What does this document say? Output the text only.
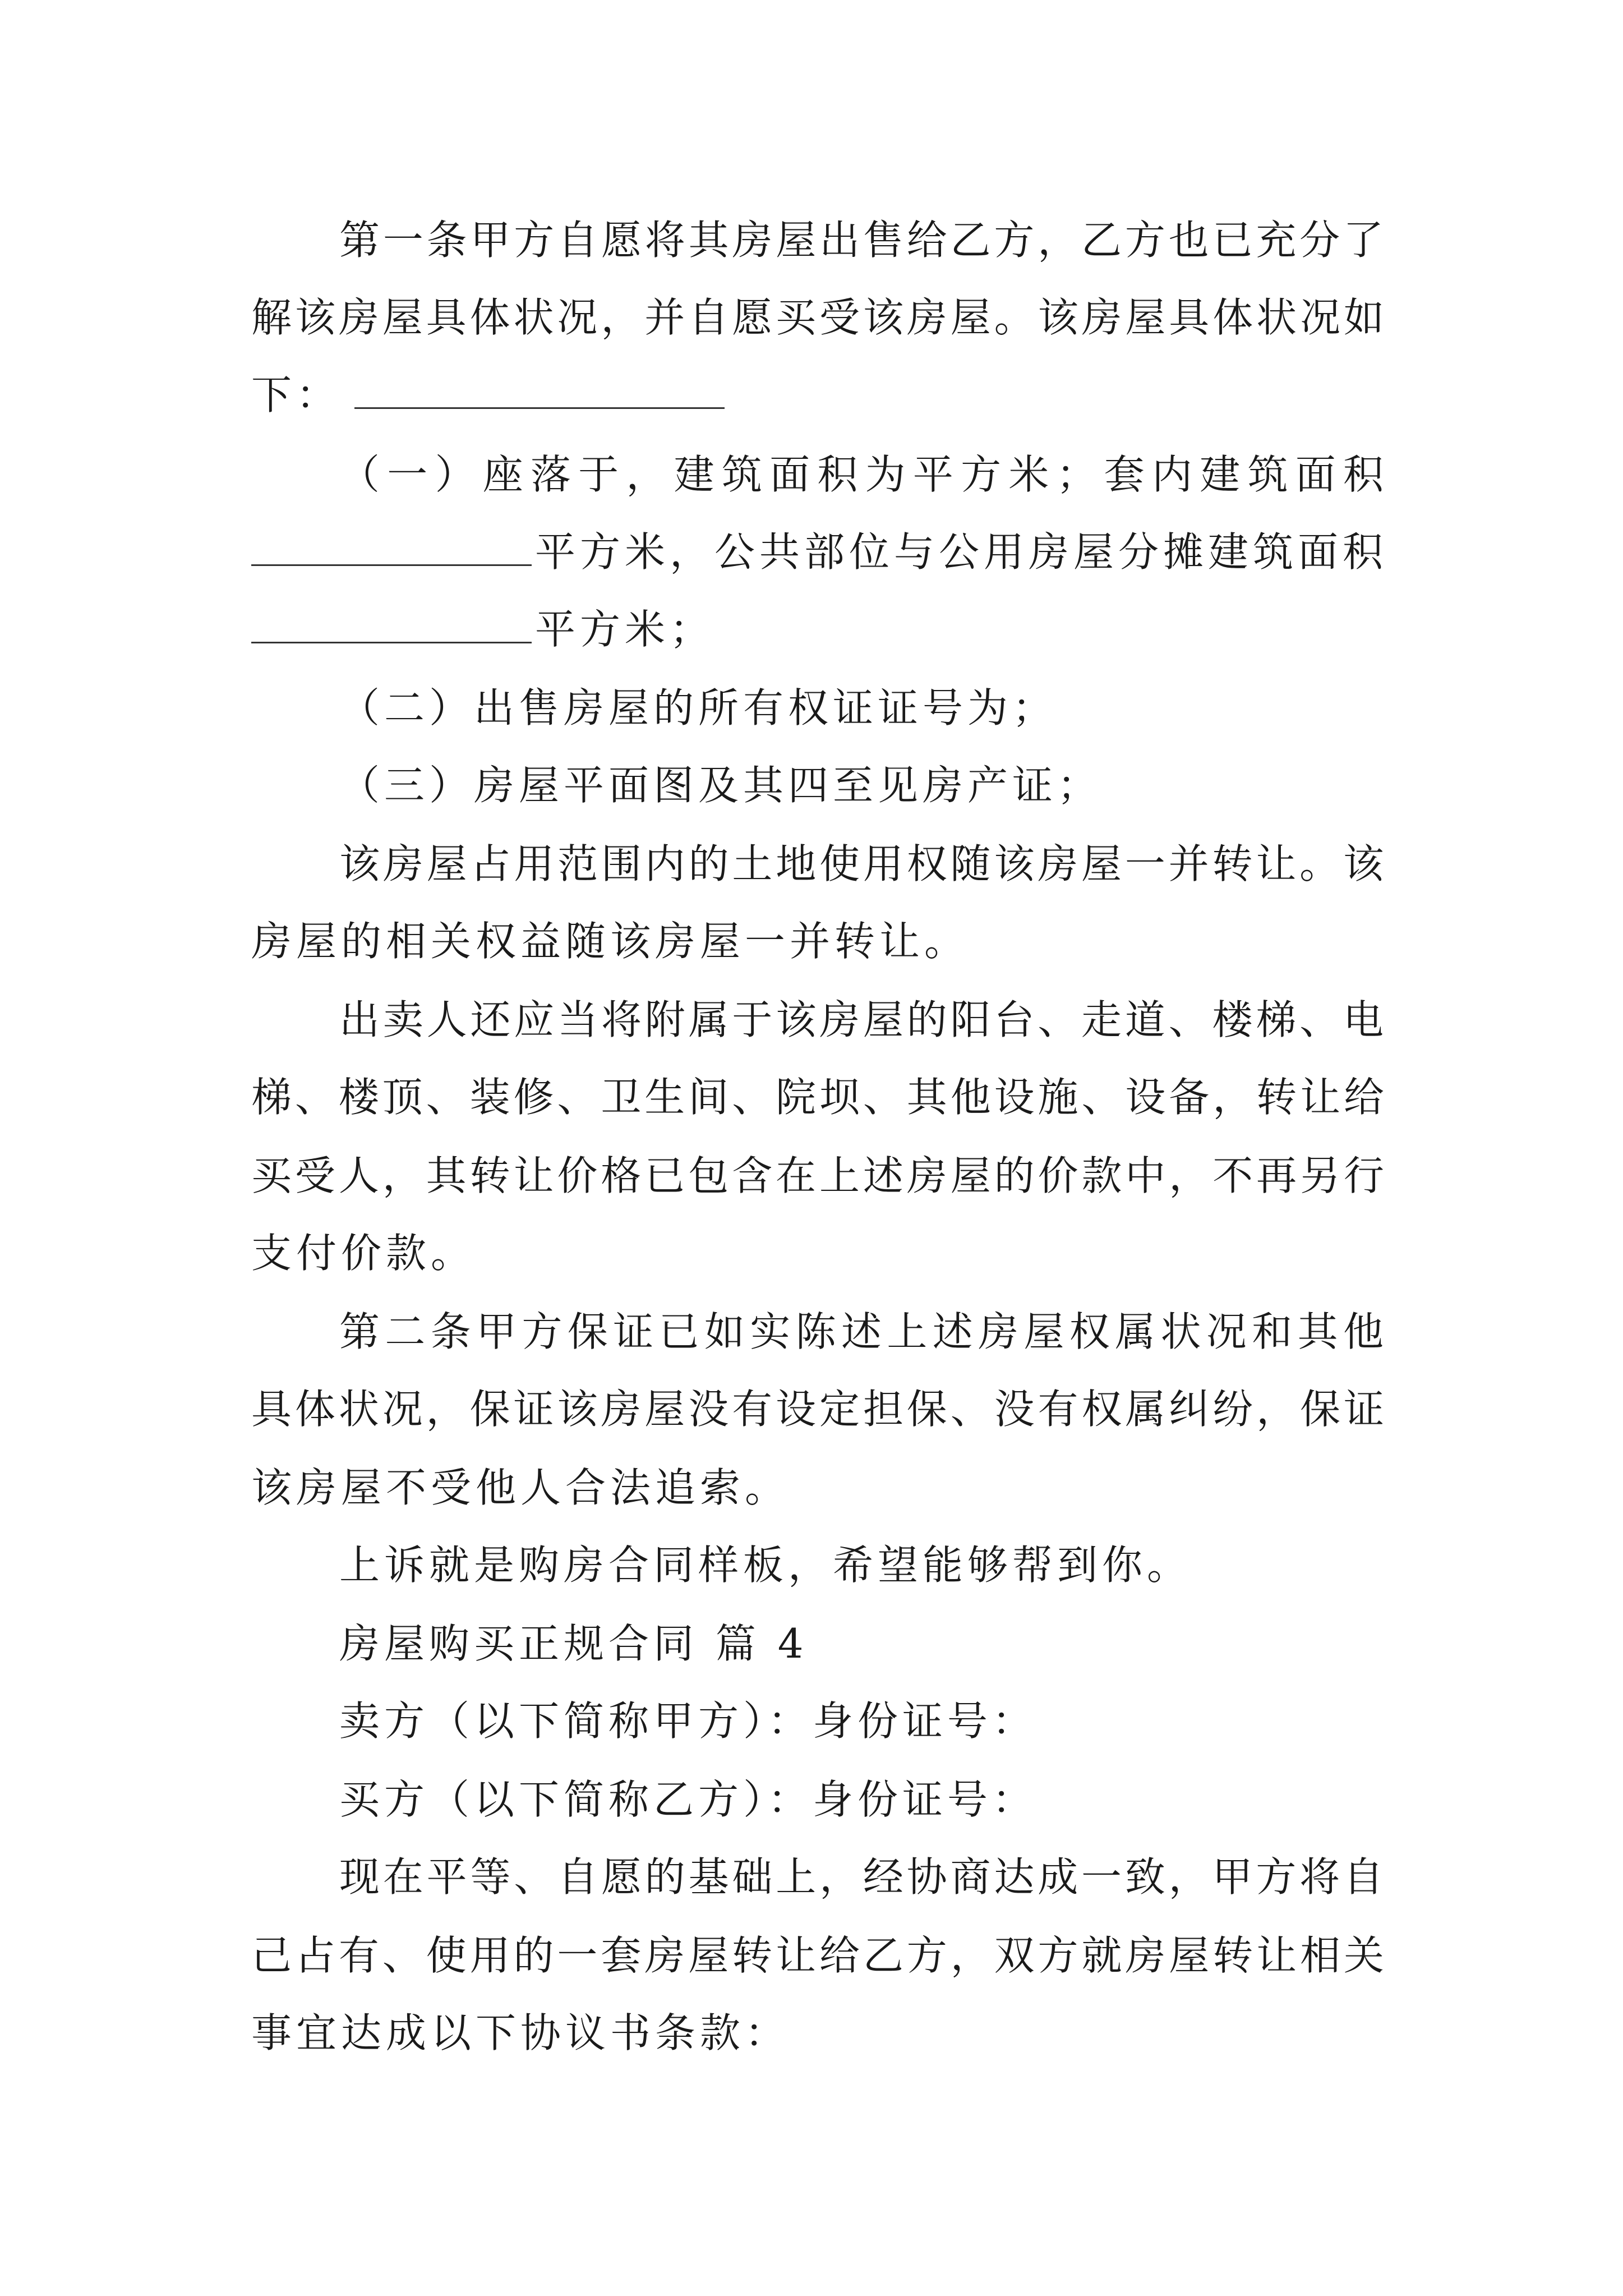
第一条甲方自愿将其房屋出售给乙方，乙方也已充分了
解该房屋具体状况，并自愿买受该房屋。该房屋具体状况如
下：
（一）座落于，建筑面积为平方米；套内建筑面积
平方米，公共部位与公用房屋分摊建筑面积
平方米；
（二）出售房屋的所有权证证号为；
（三）房屋平面图及其四至见房产证；
该房屋占用范围内的土地使用权随该房屋一并转让。该
房屋的相关权益随该房屋一并转让。
出卖人还应当将附属于该房屋的阳台、走道、楼梯、电
梯、楼顶、装修、卫生间、院坝、其他设施、设备，转让给
买受人，其转让价格已包含在上述房屋的价款中，不再另行
支付价款。
第二条甲方保证已如实陈述上述房屋权属状况和其他
具体状况，保证该房屋没有设定担保、没有权属纠纷，保证
该房屋不受他人合法追索。
上诉就是购房合同样板，希望能够帮到你。
房屋购买正规合同 篇 4
卖方（以下简称甲方）：身份证号：
买方（以下简称乙方）：身份证号：
现在平等、自愿的基础上，经协商达成一致，甲方将自
己占有、使用的一套房屋转让给乙方，双方就房屋转让相关
事宜达成以下协议书条款：
